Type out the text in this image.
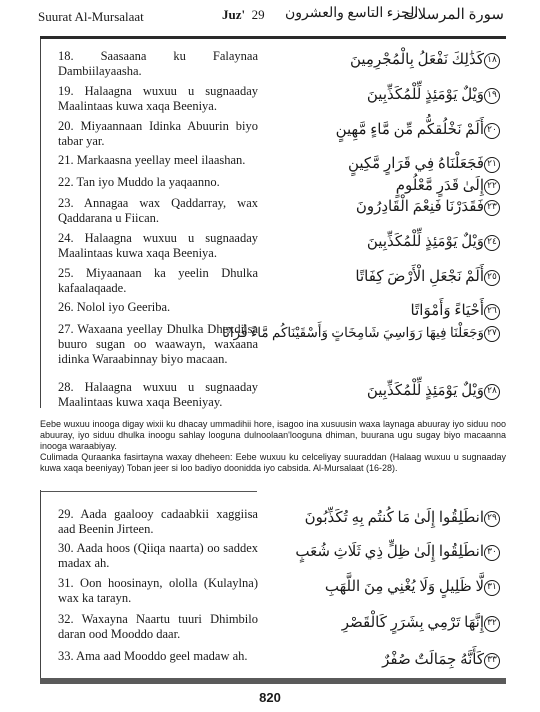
Suurat Al-Mursalaat	Juz' 29 الجزء التاسع والعشرون
سورة المرسلات
18. Saasaana ku Falaynaa Dambiilayaasha.
١٨كَذَٰلِكَ نَفْعَلُ بِالْمُجْرِمِينَ
19. Halaagna wuxuu u sugnaaday Maalintaas kuwa xaqa Beeniya.
١٩وَيْلٌ يَوْمَئِذٍ لِّلْمُكَذِّبِينَ
20. Miyaannaan Idinka Abuurin biyo tabar yar.
٢٠أَلَمْ نَخْلُقكُّم مِّن مَّاءٍ مَّهِينٍ
21. Markaasna yeellay meel ilaashan.	٢١فَجَعَلْنَاهُ فِي قَرَارٍ مَّكِينٍ
22. Tan iyo Muddo la yaqaanno.	٢٢إِلَىٰ قَدَرٍ مَّعْلُومٍ
23. Annagaa wax Qaddarray, wax Qaddarana u Fiican.
٢٣فَقَدَرْنَا فَنِعْمَ الْقَادِرُونَ
24. Halaagna wuxuu u sugnaaday Maalintaas kuwa xaqa Beeniya.
٢٤وَيْلٌ يَوْمَئِذٍ لِّلْمُكَذِّبِينَ
25. Miyaanaan ka yeelin Dhulka kafaalaqaade.
٢٥أَلَمْ نَجْعَلِ الْأَرْضَ كِفَاتًا
26. Nolol iyo Geeriba.	٢٦أَحْيَاءً وَأَمْوَاتًا
27. Waxaana yeellay Dhulka Dhexdiisa buuro sugan oo waawayn, waxaana idinka Waraabinnay biyo macaan.
٢٧وَجَعَلْنَا فِيهَا رَوَاسِيَ شَامِخَاتٍ وَأَسْقَيْنَاكُم مَّاءً فُرَاتًا
28. Halaagna wuxuu u sugnaaday Maalintaas kuwa xaqa Beeniyay.
٢٨وَيْلٌ يَوْمَئِذٍ لِّلْمُكَذِّبِينَ

Eebe wuxuu inooga digay wixii ku dhacay ummadihii hore, isagoo ina xusuusin waxa laynaga abuuray iyo siduu noo abuuray, iyo siduu dhulka inoogu sahlay looguna dulnoolaan'looguna dhiman, buurana ugu sugay biyo macaanna inooga waraabiyay.

Culimada Quraanka fasirtayna waxay dheheen: Eebe wuxuu ku celceliyay suuraddan (Halaag wuxuu u sugnaaday kuwa xaqa beeniyay) Toban jeer si loo badiyo doonidda iyo cabsida. Al-Mursalaat (16-28).

29. Aada gaalooy cadaabkii xaggiisa aad Beenin Jirteen.
٢٩انطَلِقُوا إِلَىٰ مَا كُنتُم بِهِ تُكَذِّبُونَ
30. Aada hoos (Qiiqa naarta) oo saddex madax ah.
٣٠انطَلِقُوا إِلَىٰ ظِلٍّ ذِي ثَلَاثِ شُعَبٍ
31. Oon hoosinayn, ololla (Kulaylna) wax ka tarayn.
٣١لَّا ظَلِيلٍ وَلَا يُغْنِي مِنَ اللَّهَبِ
32. Waxayna Naartu tuuri Dhimbilo daran ood Mooddo daar.
٣٢إِنَّهَا تَرْمِي بِشَرَرٍ كَالْقَصْرِ
33. Ama aad Mooddo geel madaw ah.	٣٣كَأَنَّهُ جِمَالَتٌ صُفْرٌ
820
